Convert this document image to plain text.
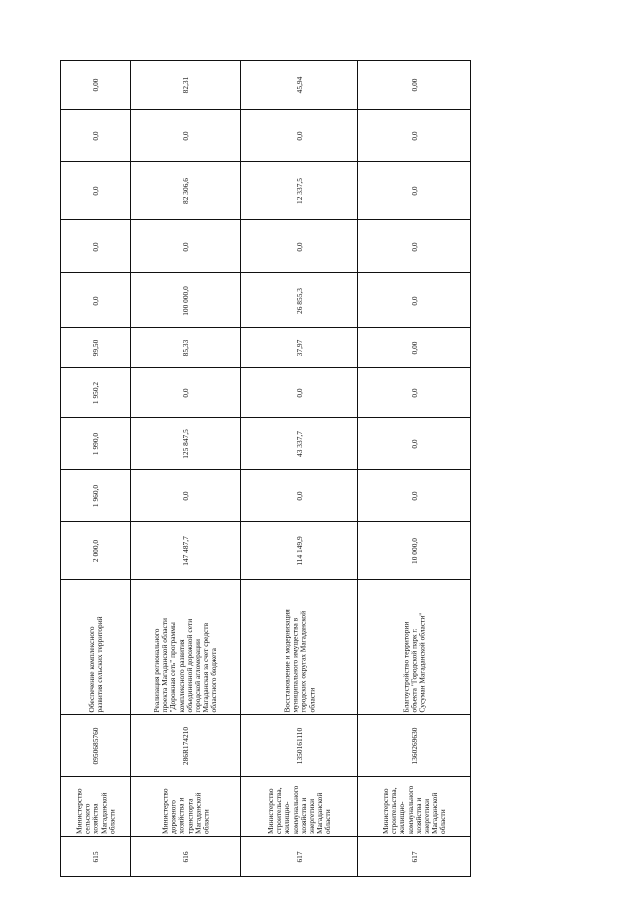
0,00
0,0
0,0
0,0
0,0
99,50
1 950,2
1 990,0
1 960,0
2 000,0
Обеспечение комплексного
развития сельских территорий
0950685760
Министерство
сельского
хозяйства
Магаданской
области
615
82,31
0,0
82 306,6
0,0
100 000,0
85,33
0,0
125 847,5
0,0
147 487,7
Реализация регионального
проекта Магаданской области
"Дорожная сеть" программы
комплексного развития
объединенной дорожной сети
городской агломерации
Магаданская за счет средств
областного бюджета
286R174210
Министерство
дорожного
хозяйства и
транспорта
Магаданской
области
616
45,94
0,0
12 337,5
0,0
26 855,3
37,97
0,0
43 337,7
0,0
114 149,9
Восстановление и модернизация
муниципального имущества в
городских округах Магаданской
области
1350161110
Министерство
строительства,
жилищно-
коммунального
хозяйства и
энергетики
Магаданской
области
617
0,00
0,0
0,0
0,0
0,0
0,00
0,0
0,0
0,0
10 000,0
Благоустройство территории
объекта "Городской парк г.
Сусуман Магаданской области"
1360269630
Министерство
строительства,
жилищно-
коммунального
хозяйства и
энергетики
Магаданской
области
617
